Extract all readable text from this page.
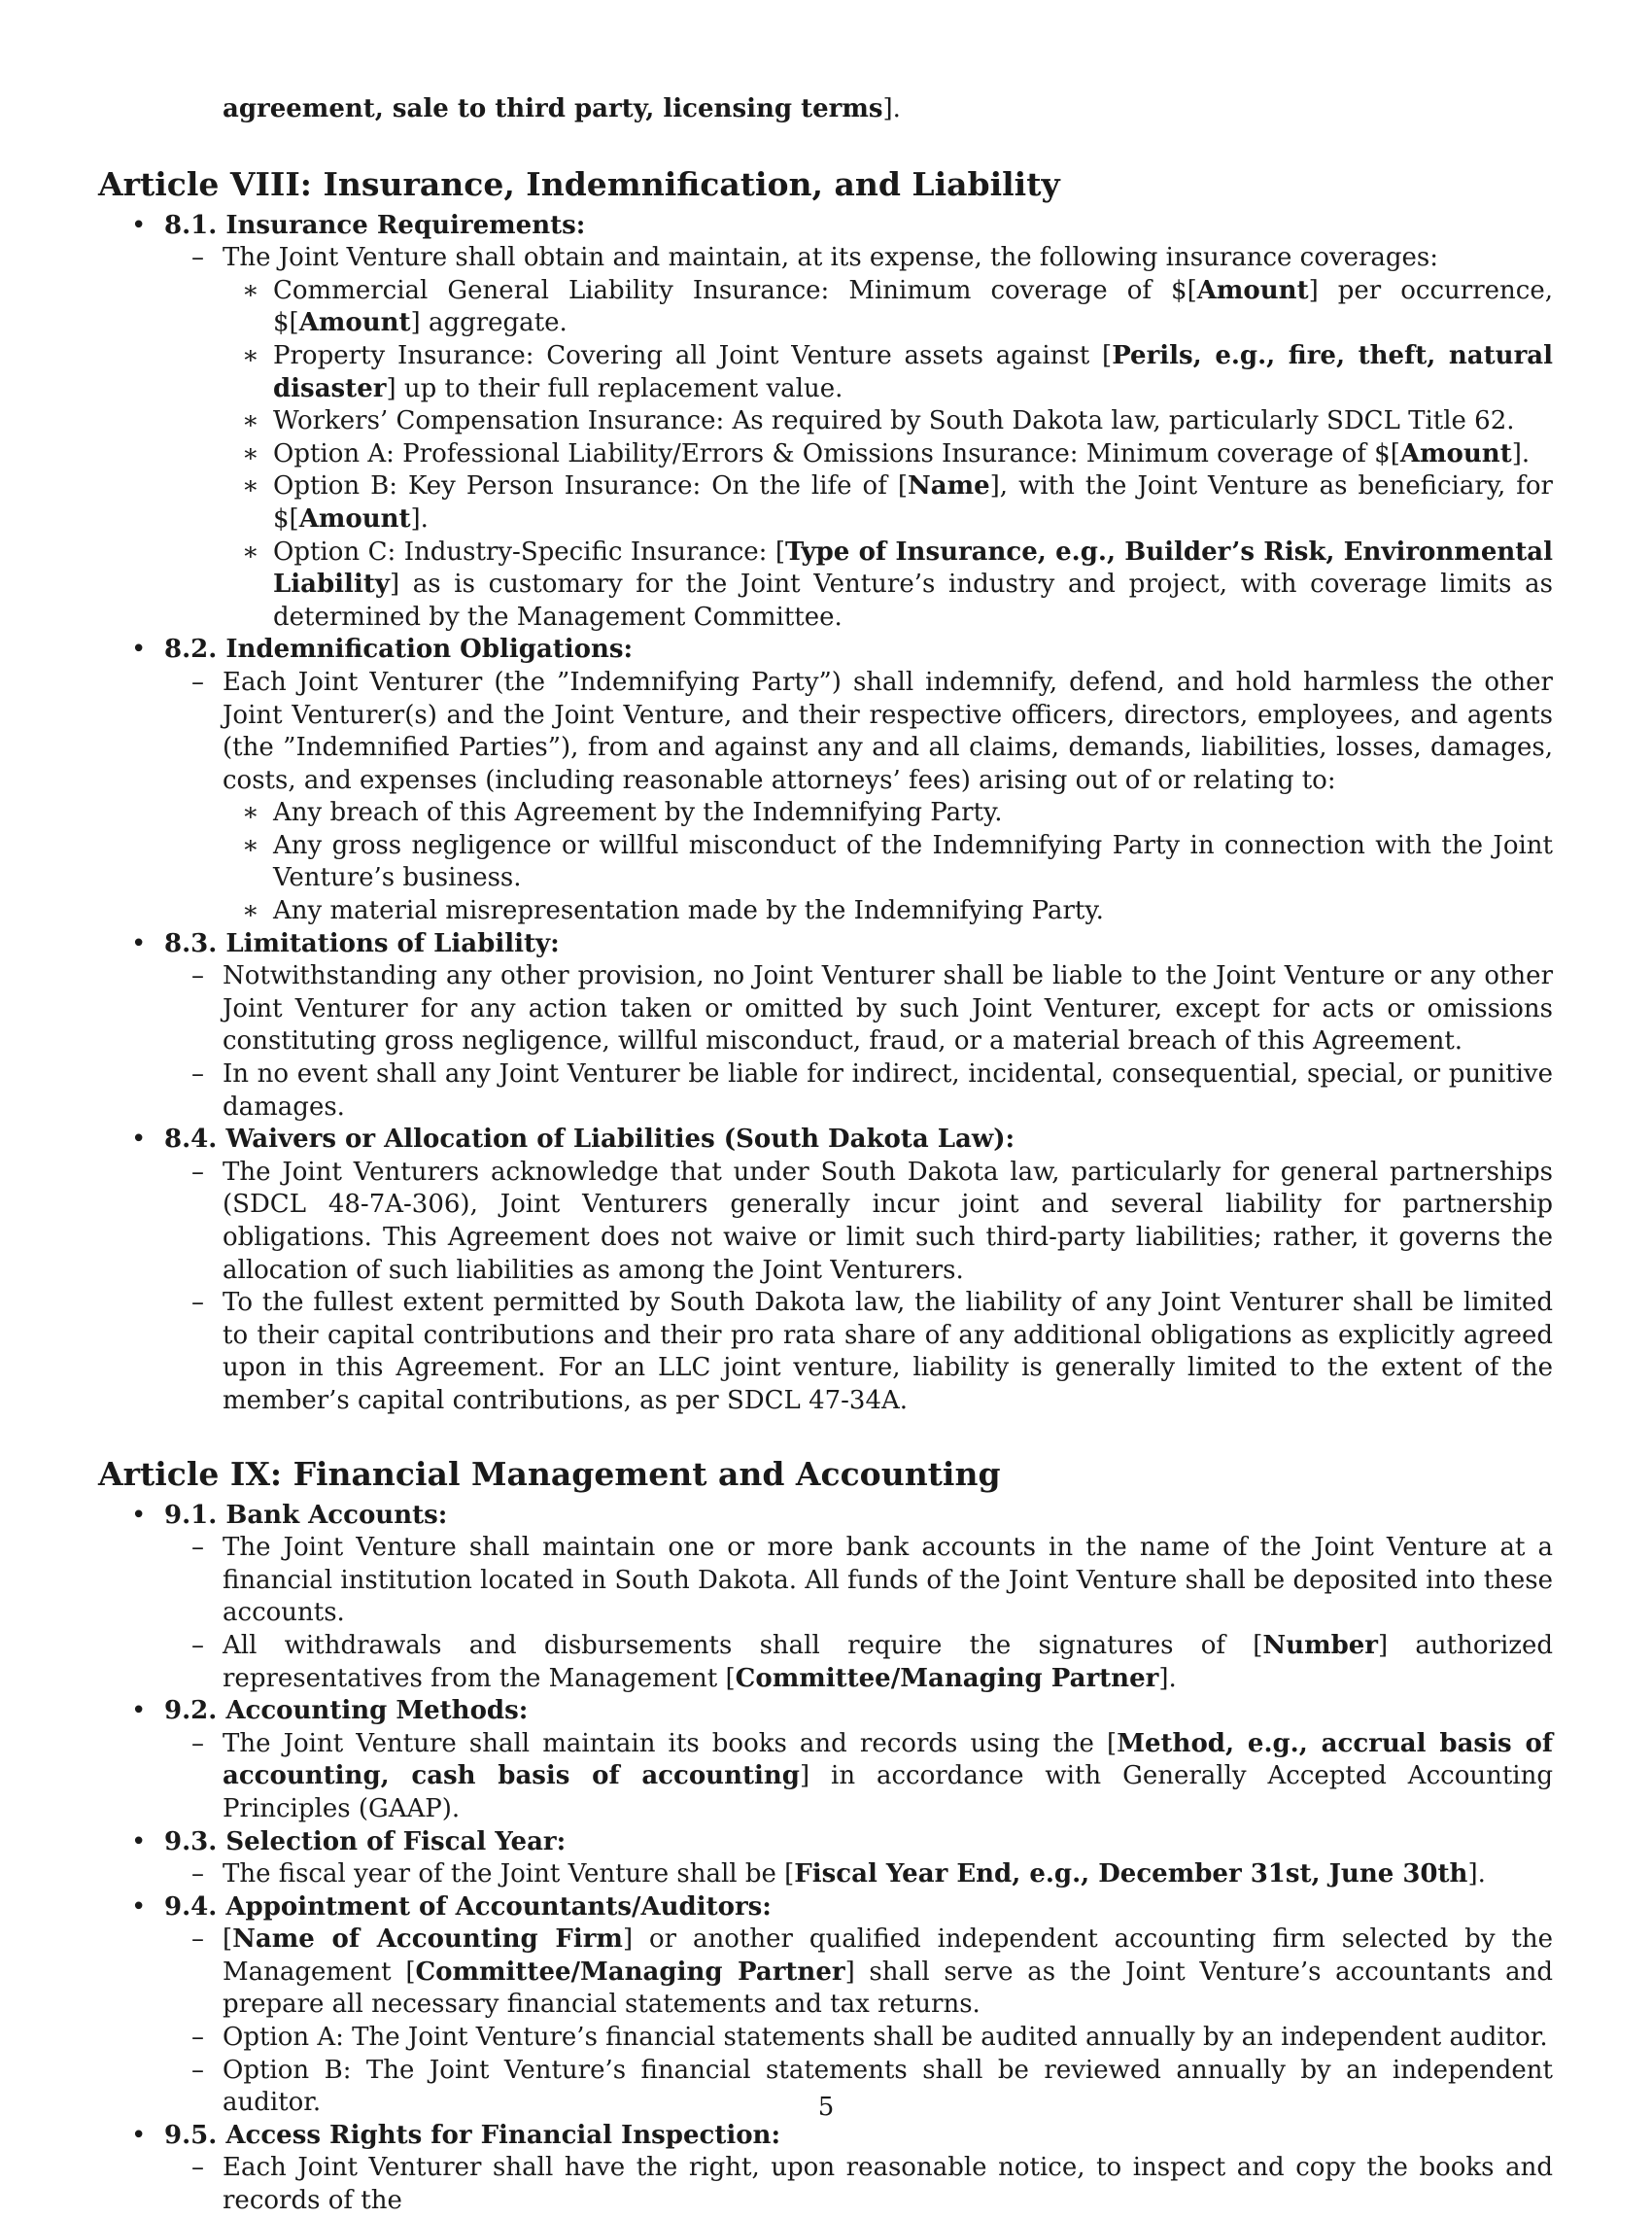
agreement, sale to third party, licensing terms].

Article VIII: Insurance, Indemnification, and Liability
• 8.1. Insurance Requirements:
– The Joint Venture shall obtain and maintain, at its expense, the following insurance coverages:
∗ Commercial General Liability Insurance: Minimum coverage of $[Amount] per occurrence, $[Amount] aggregate.
∗ Property Insurance: Covering all Joint Venture assets against [Perils, e.g., fire, theft, natural disaster] up to their full replacement value.
∗ Workers’ Compensation Insurance: As required by South Dakota law, particularly SDCL Title 62.
∗ Option A: Professional Liability/Errors & Omissions Insurance: Minimum coverage of $[Amount].
∗ Option B: Key Person Insurance: On the life of [Name], with the Joint Venture as beneficiary, for $[Amount].
∗ Option C: Industry-Specific Insurance: [Type of Insurance, e.g., Builder’s Risk, Environmental Liability] as is customary for the Joint Venture’s industry and project, with coverage limits as determined by the Management Committee.
• 8.2. Indemnification Obligations:
– Each Joint Venturer (the ”Indemnifying Party”) shall indemnify, defend, and hold harmless the other Joint Venturer(s) and the Joint Venture, and their respective officers, directors, employees, and agents (the ”Indemnified Parties”), from and against any and all claims, demands, liabilities, losses, damages, costs, and expenses (including reasonable attorneys’ fees) arising out of or relating to:
∗ Any breach of this Agreement by the Indemnifying Party.
∗ Any gross negligence or willful misconduct of the Indemnifying Party in connection with the Joint Venture’s business.
∗ Any material misrepresentation made by the Indemnifying Party.
• 8.3. Limitations of Liability:
– Notwithstanding any other provision, no Joint Venturer shall be liable to the Joint Venture or any other Joint Venturer for any action taken or omitted by such Joint Venturer, except for acts or omissions constituting gross negligence, willful misconduct, fraud, or a material breach of this Agreement.
– In no event shall any Joint Venturer be liable for indirect, incidental, consequential, special, or punitive damages.
• 8.4. Waivers or Allocation of Liabilities (South Dakota Law):
– The Joint Venturers acknowledge that under South Dakota law, particularly for general partnerships (SDCL 48-7A-306), Joint Venturers generally incur joint and several liability for partnership obligations. This Agreement does not waive or limit such third-party liabilities; rather, it governs the allocation of such liabilities as among the Joint Venturers.
– To the fullest extent permitted by South Dakota law, the liability of any Joint Venturer shall be limited to their capital contributions and their pro rata share of any additional obligations as explicitly agreed upon in this Agreement. For an LLC joint venture, liability is generally limited to the extent of the member’s capital contributions, as per SDCL 47-34A.
Article IX: Financial Management and Accounting
• 9.1. Bank Accounts:
– The Joint Venture shall maintain one or more bank accounts in the name of the Joint Venture at a financial institution located in South Dakota. All funds of the Joint Venture shall be deposited into these accounts.
– All withdrawals and disbursements shall require the signatures of [Number] authorized representatives from the Management [Committee/Managing Partner].
• 9.2. Accounting Methods:
– The Joint Venture shall maintain its books and records using the [Method, e.g., accrual basis of accounting, cash basis of accounting] in accordance with Generally Accepted Accounting Principles (GAAP).
• 9.3. Selection of Fiscal Year:
– The fiscal year of the Joint Venture shall be [Fiscal Year End, e.g., December 31st, June 30th].
• 9.4. Appointment of Accountants/Auditors:
– [Name of Accounting Firm] or another qualified independent accounting firm selected by the Management [Committee/Managing Partner] shall serve as the Joint Venture’s accountants and prepare all necessary financial statements and tax returns.
– Option A: The Joint Venture’s financial statements shall be audited annually by an independent auditor.
– Option B: The Joint Venture’s financial statements shall be reviewed annually by an independent auditor.
• 9.5. Access Rights for Financial Inspection:
– Each Joint Venturer shall have the right, upon reasonable notice, to inspect and copy the books and records of the
5
